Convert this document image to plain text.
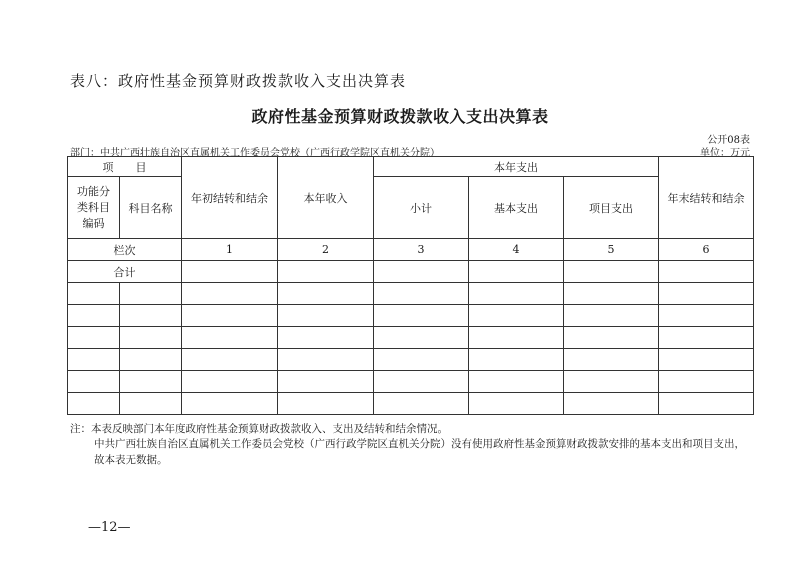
表八：政府性基金预算财政拨款收入支出决算表
政府性基金预算财政拨款收入支出决算表
公开08表
部门：中共广西壮族自治区直属机关工作委员会党校（广西行政学院区直机关分院）	单位：万元
项　　目		年初结转和结余	本年收入	本年支出			年末结转和结余
功能分类科目编码	科目名称			小计	基本支出	项目支出	

栏次		1	2	3	4	5	6
合计							

注：本表反映部门本年度政府性基金预算财政拨款收入、支出及结转和结余情况。
中共广西壮族自治区直属机关工作委员会党校（广西行政学院区直机关分院）没有使用政府性基金预算财政拨款安排的基本支出和项目支出，故本表无数据。
—12—
